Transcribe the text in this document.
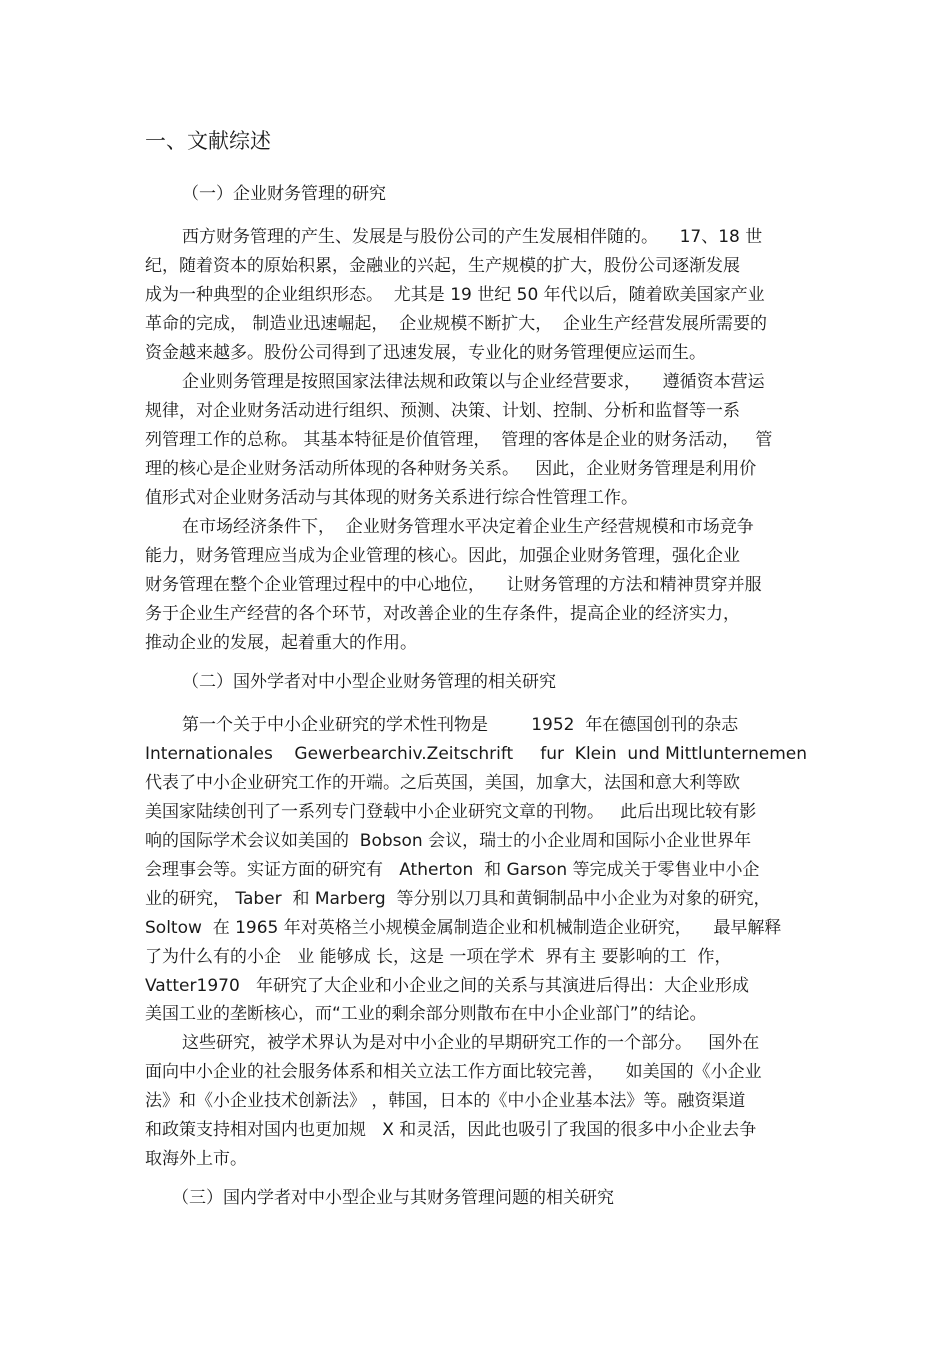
一、文献综述
（一）企业财务管理的研究
西方财务管理的产生、发展是与股份公司的产生发展相伴随的。    17、18 世
纪，随着资本的原始积累，金融业的兴起，生产规模的扩大，股份公司逐渐发展
成为一种典型的企业组织形态。  尤其是 19 世纪 50 年代以后，随着欧美国家产业
革命的完成， 制造业迅速崛起，  企业规模不断扩大，  企业生产经营发展所需要的
资金越来越多。股份公司得到了迅速发展，专业化的财务管理便应运而生。
企业则务管理是按照国家法律法规和政策以与企业经营要求，    遵循资本营运
规律，对企业财务活动进行组织、预测、决策、计划、控制、分析和监督等一系
列管理工作的总称。 其基本特征是价值管理，  管理的客体是企业的财务活动，   管
理的核心是企业财务活动所体现的各种财务关系。   因此，企业财务管理是利用价
值形式对企业财务活动与其体现的财务关系进行综合性管理工作。
在市场经济条件下，  企业财务管理水平决定着企业生产经营规模和市场竞争
能力，财务管理应当成为企业管理的核心。因此，加强企业财务管理，强化企业
财务管理在整个企业管理过程中的中心地位，    让财务管理的方法和精神贯穿并服
务于企业生产经营的各个环节，对改善企业的生存条件，提高企业的经济实力，
推动企业的发展，起着重大的作用。
（二）国外学者对中小型企业财务管理的相关研究
第一个关于中小企业研究的学术性刊物是        1952  年在德国创刊的杂志
Internationales    Gewerbearchiv.Zeitschrift     fur  Klein  und Mittlunternemen
代表了中小企业研究工作的开端。之后英国，美国，加拿大，法国和意大利等欧
美国家陆续创刊了一系列专门登载中小企业研究文章的刊物。   此后出现比较有影
响的国际学术会议如美国的  Bobson 会议，瑞士的小企业周和国际小企业世界年
会理事会等。实证方面的研究有   Atherton  和 Garson 等完成关于零售业中小企
业的研究， Taber  和 Marberg  等分别以刀具和黄铜制品中小企业为对象的研究，
Soltow  在 1965 年对英格兰小规模金属制造企业和机械制造企业研究，    最早解释
了为什么有的小企   业 能够成 长，这是 一项在学术  界有主 要影响的工  作，
Vatter1970   年研究了大企业和小企业之间的关系与其演进后得出：大企业形成
美国工业的垄断核心，而“工业的剩余部分则散布在中小企业部门”的结论。
这些研究，被学术界认为是对中小企业的早期研究工作的一个部分。   国外在
面向中小企业的社会服务体系和相关立法工作方面比较完善，    如美国的《小企业
法》和《小企业技术创新法》 ，韩国，日本的《中小企业基本法》等。融资渠道
和政策支持相对国内也更加规   X 和灵活，因此也吸引了我国的很多中小企业去争
取海外上市。
（三）国内学者对中小型企业与其财务管理问题的相关研究
